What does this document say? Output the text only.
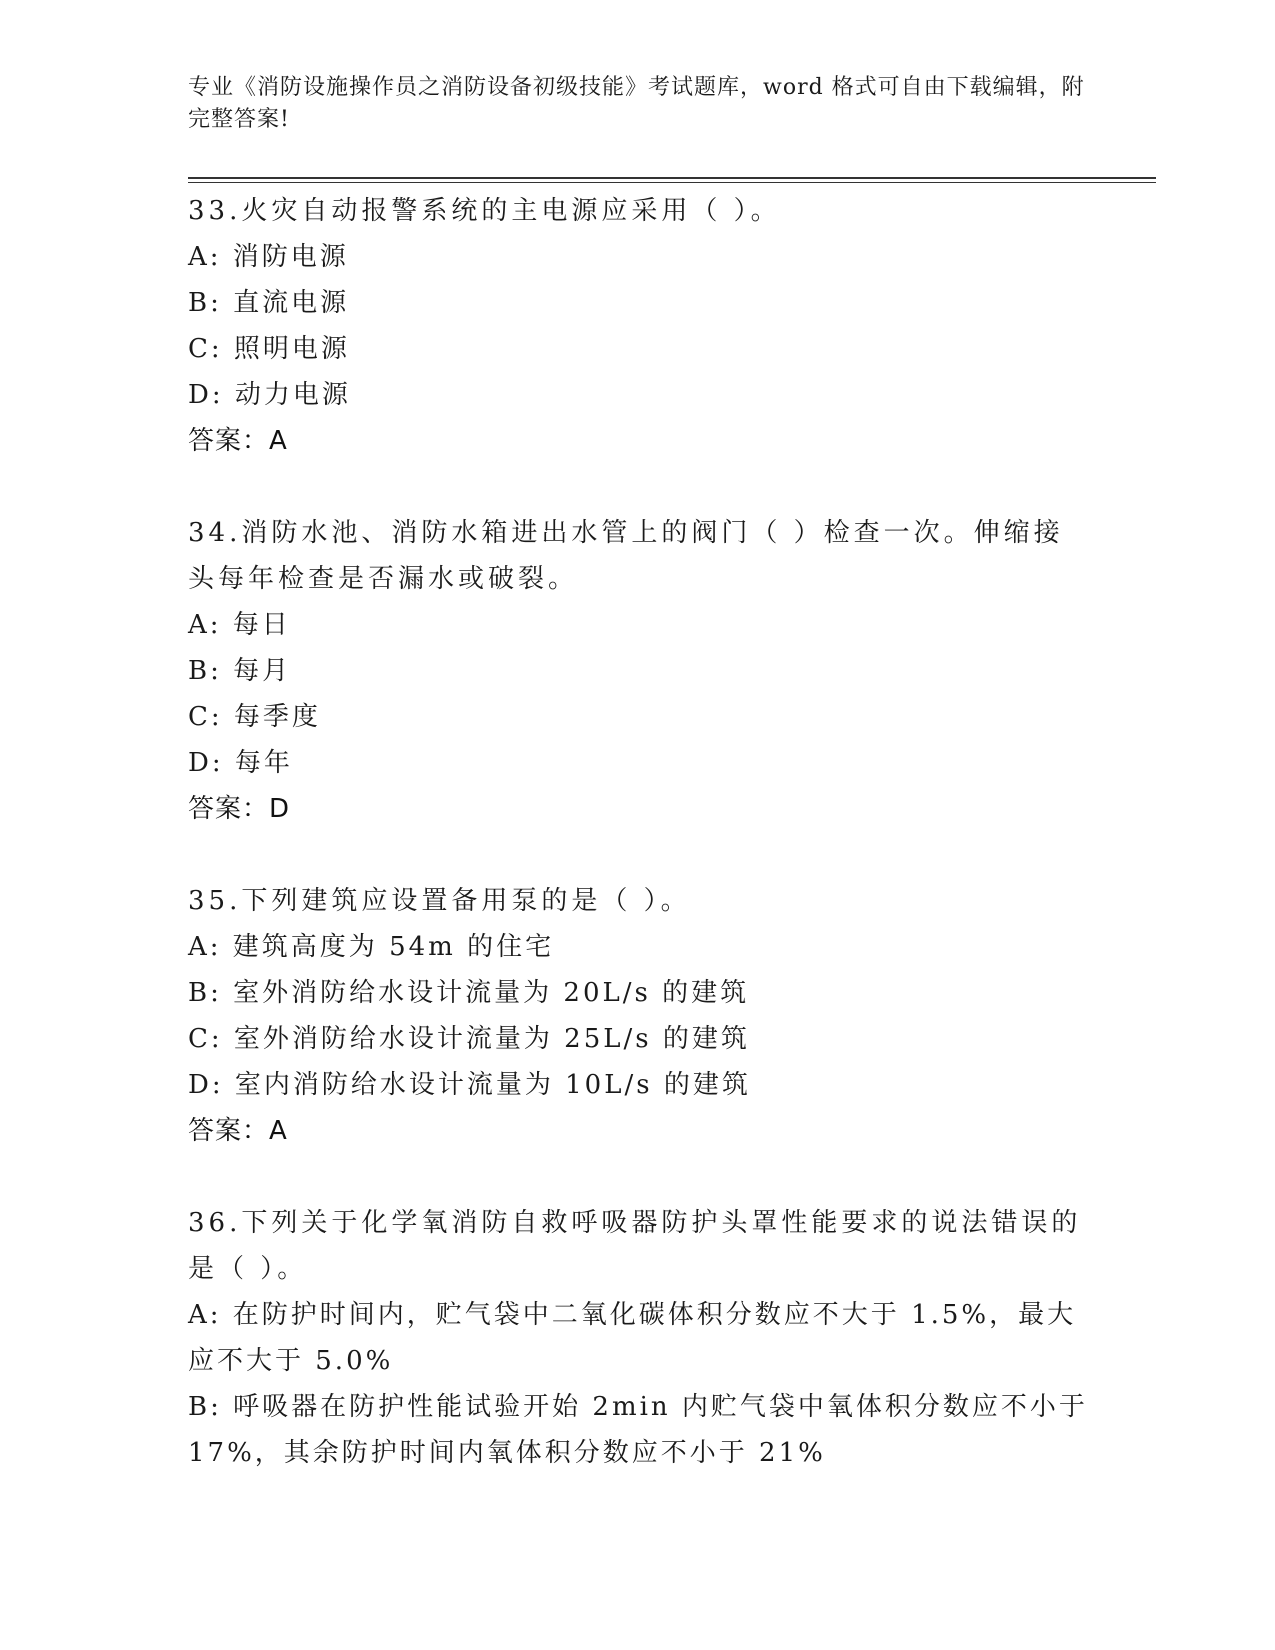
专业《消防设施操作员之消防设备初级技能》考试题库，word 格式可自由下载编辑，附完整答案!
33.火灾自动报警系统的主电源应采用（ ）。
A: 消防电源
B: 直流电源
C: 照明电源
D: 动力电源
答案：A
34.消防水池、消防水箱进出水管上的阀门（ ）检查一次。伸缩接头每年检查是否漏水或破裂。
A: 每日
B: 每月
C: 每季度
D: 每年
答案：D
35.下列建筑应设置备用泵的是（ ）。
A: 建筑高度为 54m 的住宅
B: 室外消防给水设计流量为 20L/s 的建筑
C: 室外消防给水设计流量为 25L/s 的建筑
D: 室内消防给水设计流量为 10L/s 的建筑
答案：A
36.下列关于化学氧消防自救呼吸器防护头罩性能要求的说法错误的是（ ）。
A: 在防护时间内，贮气袋中二氧化碳体积分数应不大于 1.5%，最大应不大于 5.0%
B: 呼吸器在防护性能试验开始 2min 内贮气袋中氧体积分数应不小于 17%，其余防护时间内氧体积分数应不小于 21%
